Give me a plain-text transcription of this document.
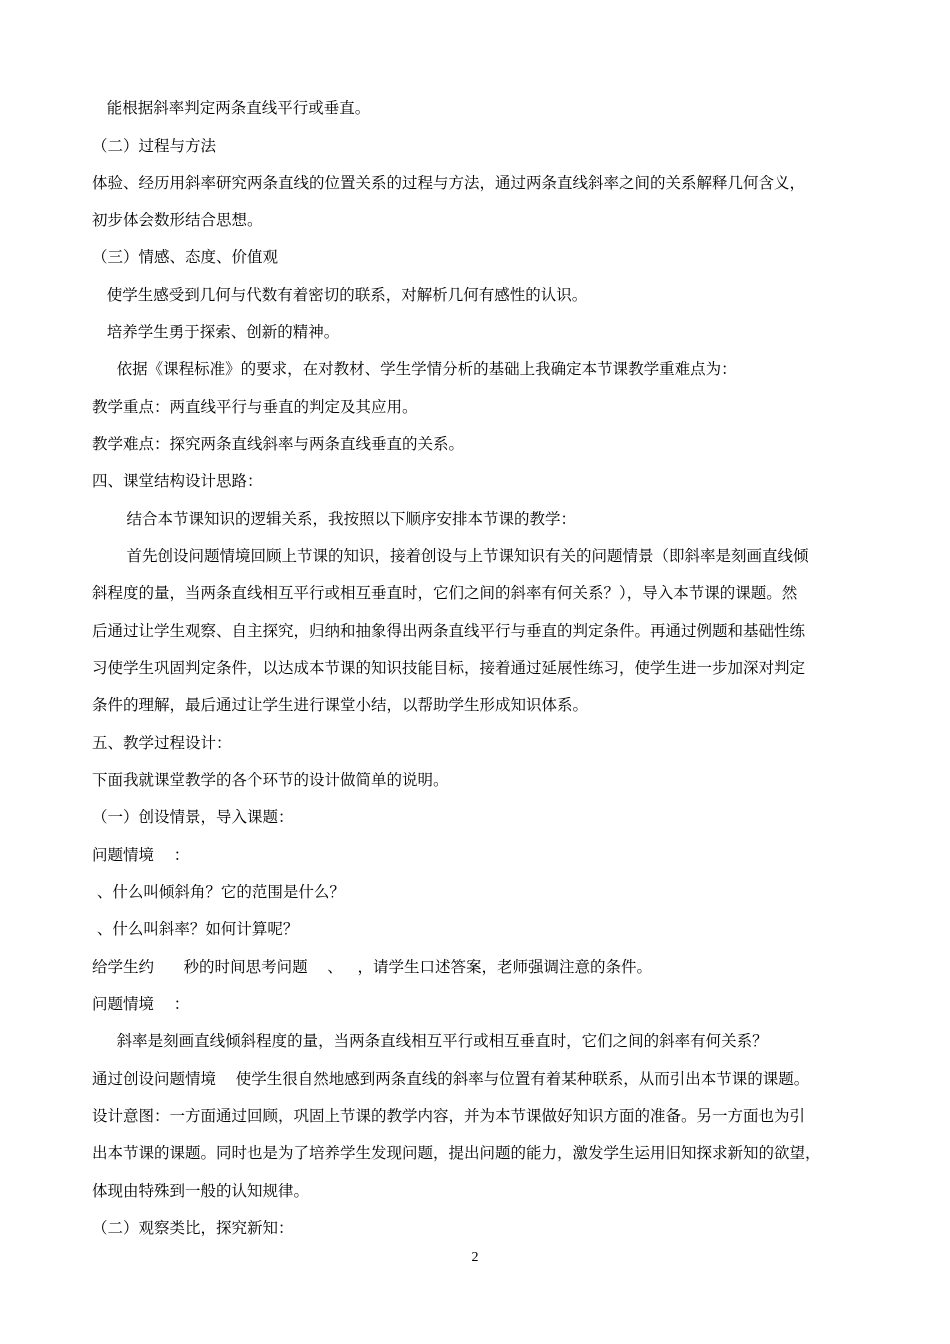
能根据斜率判定两条直线平行或垂直。
（二）过程与方法
体验、经历用斜率研究两条直线的位置关系的过程与方法，通过两条直线斜率之间的关系解释几何含义，
初步体会数形结合思想。
（三）情感、态度、价值观
使学生感受到几何与代数有着密切的联系，对解析几何有感性的认识。
培养学生勇于探索、创新的精神。
依据《课程标准》的要求，在对教材、学生学情分析的基础上我确定本节课教学重难点为：
教学重点：两直线平行与垂直的判定及其应用。
教学难点：探究两条直线斜率与两条直线垂直的关系。
四、课堂结构设计思路：
结合本节课知识的逻辑关系，我按照以下顺序安排本节课的教学：
首先创设问题情境回顾上节课的知识，接着创设与上节课知识有关的问题情景（即斜率是刻画直线倾
斜程度的量，当两条直线相互平行或相互垂直时，它们之间的斜率有何关系？），导入本节课的课题。然
后通过让学生观察、自主探究，归纳和抽象得出两条直线平行与垂直的判定条件。再通过例题和基础性练
习使学生巩固判定条件，以达成本节课的知识技能目标，接着通过延展性练习，使学生进一步加深对判定
条件的理解，最后通过让学生进行课堂小结，以帮助学生形成知识体系。
五、教学过程设计：
下面我就课堂教学的各个环节的设计做简单的说明。
（一）创设情景，导入课题：
问题情境    ：
、什么叫倾斜角？它的范围是什么？
、什么叫斜率？如何计算呢？
给学生约      秒的时间思考问题    、   ，请学生口述答案，老师强调注意的条件。
问题情境    ：
斜率是刻画直线倾斜程度的量，当两条直线相互平行或相互垂直时，它们之间的斜率有何关系？
通过创设问题情境    使学生很自然地感到两条直线的斜率与位置有着某种联系，从而引出本节课的课题。
设计意图：一方面通过回顾，巩固上节课的教学内容，并为本节课做好知识方面的准备。另一方面也为引
出本节课的课题。同时也是为了培养学生发现问题，提出问题的能力，激发学生运用旧知探求新知的欲望，
体现由特殊到一般的认知规律。
（二）观察类比，探究新知：
2
